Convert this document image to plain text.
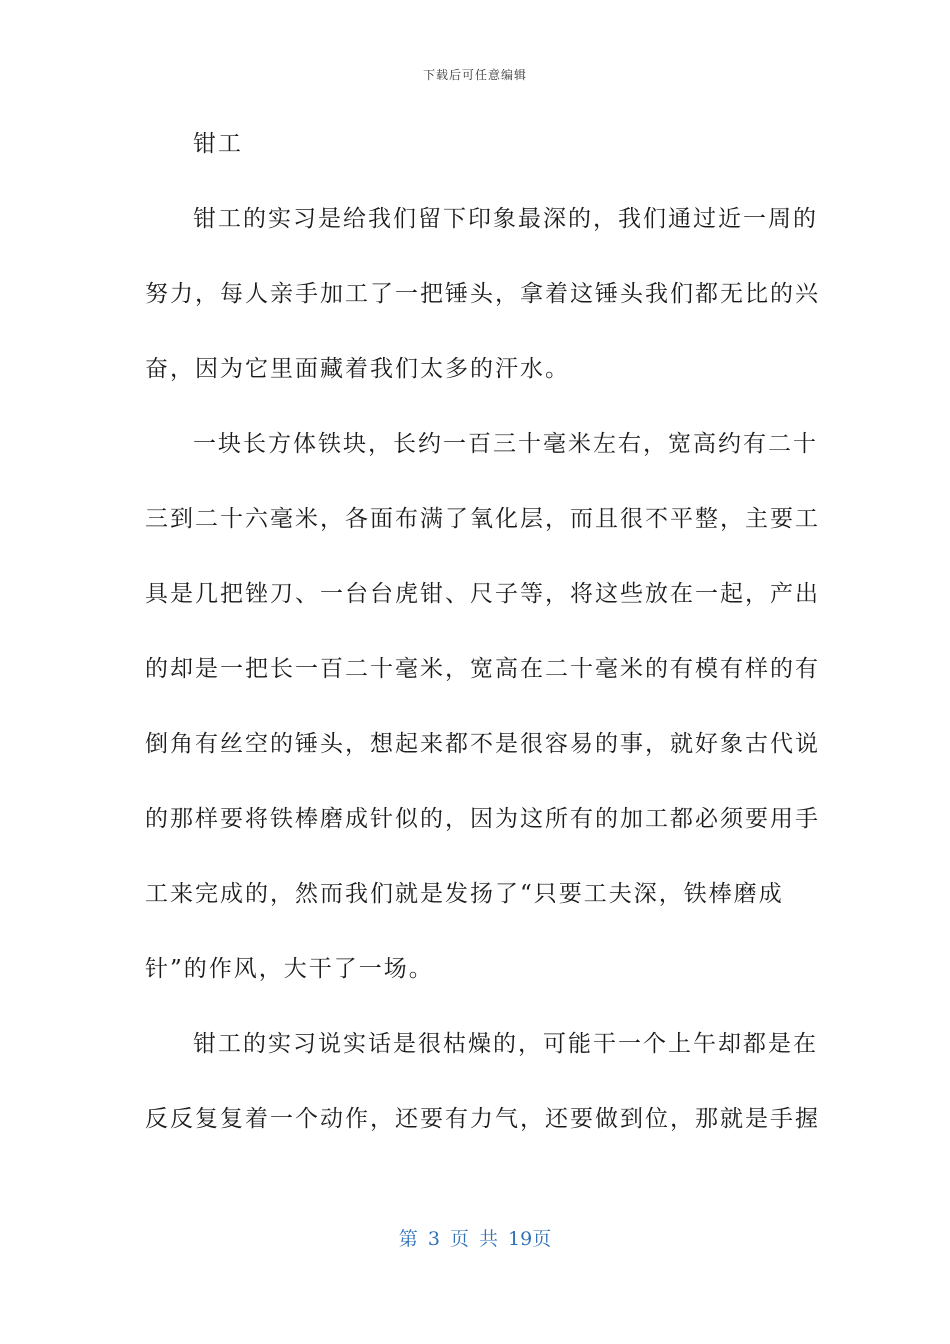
下载后可任意编辑
钳工
钳工的实习是给我们留下印象最深的，我们通过近一周的
努力，每人亲手加工了一把锤头，拿着这锤头我们都无比的兴
奋，因为它里面藏着我们太多的汗水。
一块长方体铁块，长约一百三十毫米左右，宽高约有二十
三到二十六毫米，各面布满了氧化层，而且很不平整，主要工
具是几把锉刀、一台台虎钳、尺子等，将这些放在一起，产出
的却是一把长一百二十毫米，宽高在二十毫米的有模有样的有
倒角有丝空的锤头，想起来都不是很容易的事，就好象古代说
的那样要将铁棒磨成针似的，因为这所有的加工都必须要用手
工来完成的，然而我们就是发扬了“只要工夫深，铁棒磨成
针”的作风，大干了一场。
钳工的实习说实话是很枯燥的，可能干一个上午却都是在
反反复复着一个动作，还要有力气，还要做到位，那就是手握
第 3 页 共 19页
